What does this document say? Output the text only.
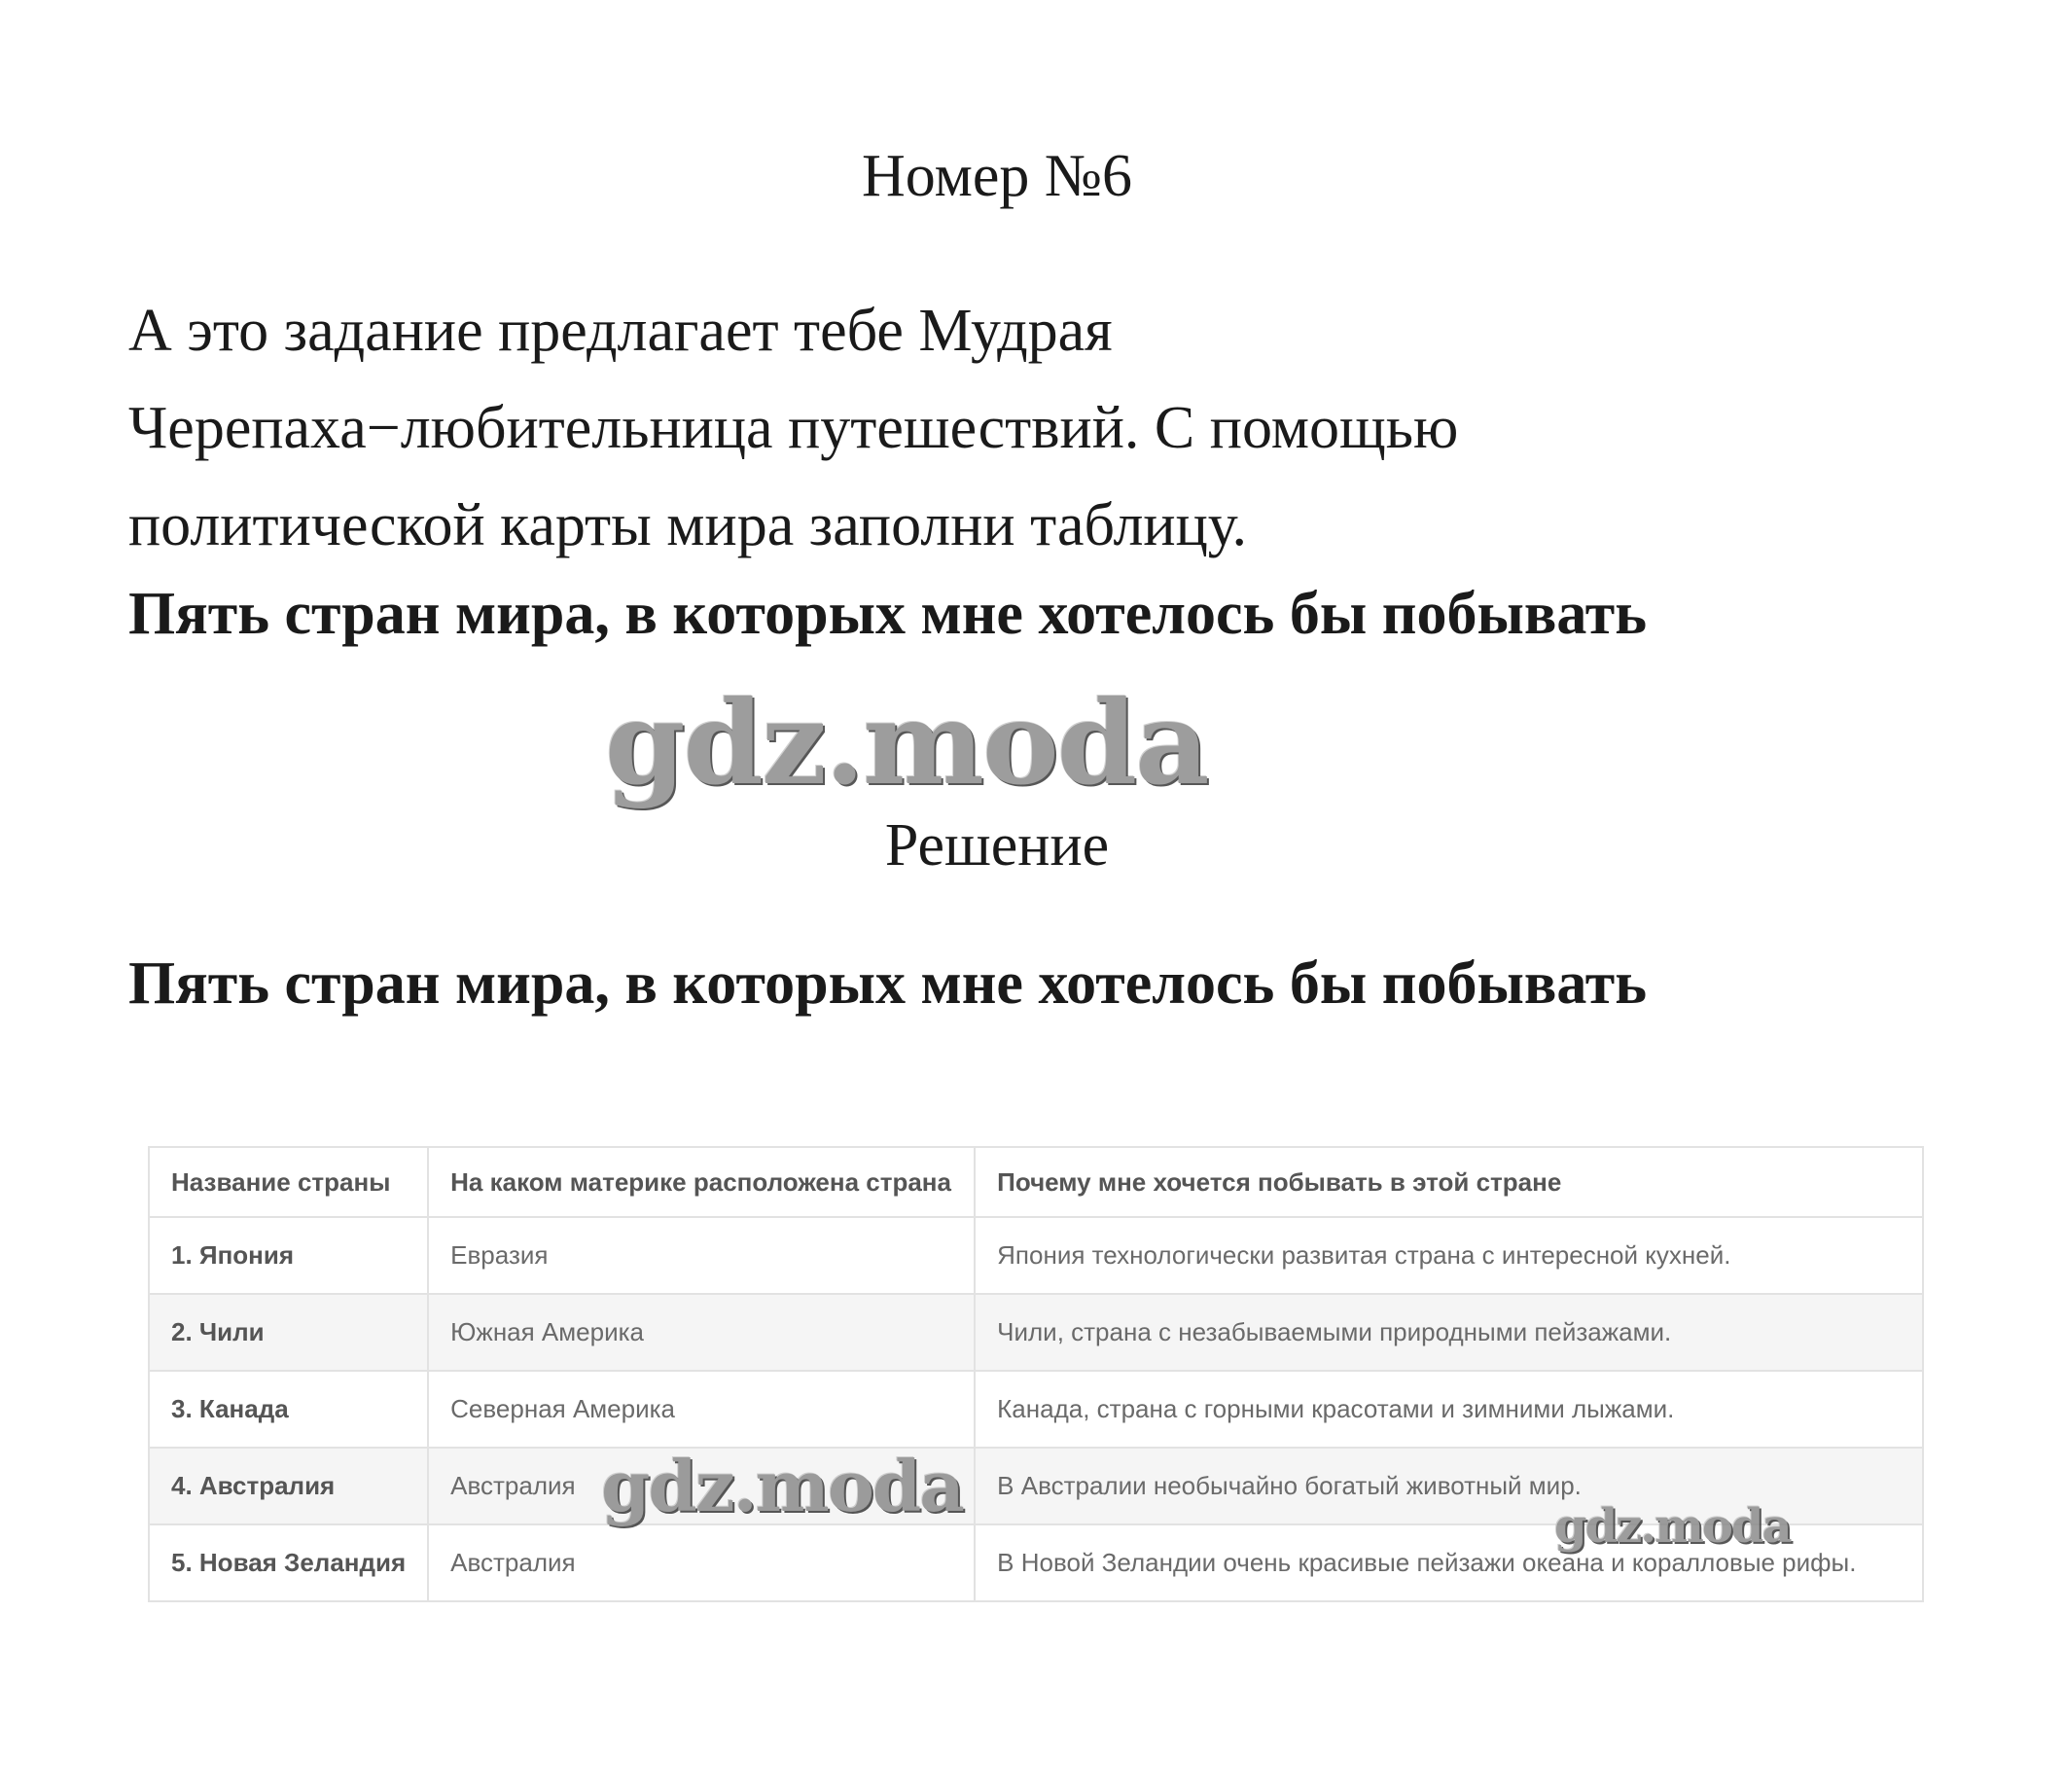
Номер №6
А это задание предлагает тебе Мудрая
Черепаха−любительница путешествий. С помощью
политической карты мира заполни таблицу.
Пять стран мира, в которых мне хотелось бы побывать
gdz.moda
Решение
Пять стран мира, в которых мне хотелось бы побывать
Название страны	На каком материке расположена страна	Почему мне хочется побывать в этой стране
1. Япония	Евразия	Япония технологически развитая страна с интересной кухней.
2. Чили	Южная Америка	Чили, страна с незабываемыми природными пейзажами.
3. Канада	Северная Америка	Канада, страна с горными красотами и зимними лыжами.
4. Австралия	Австралия	В Австралии необычайно богатый животный мир.
5. Новая Зеландия	Австралия	В Новой Зеландии очень красивые пейзажи океана и коралловые рифы.
gdz.moda	gdz.moda
